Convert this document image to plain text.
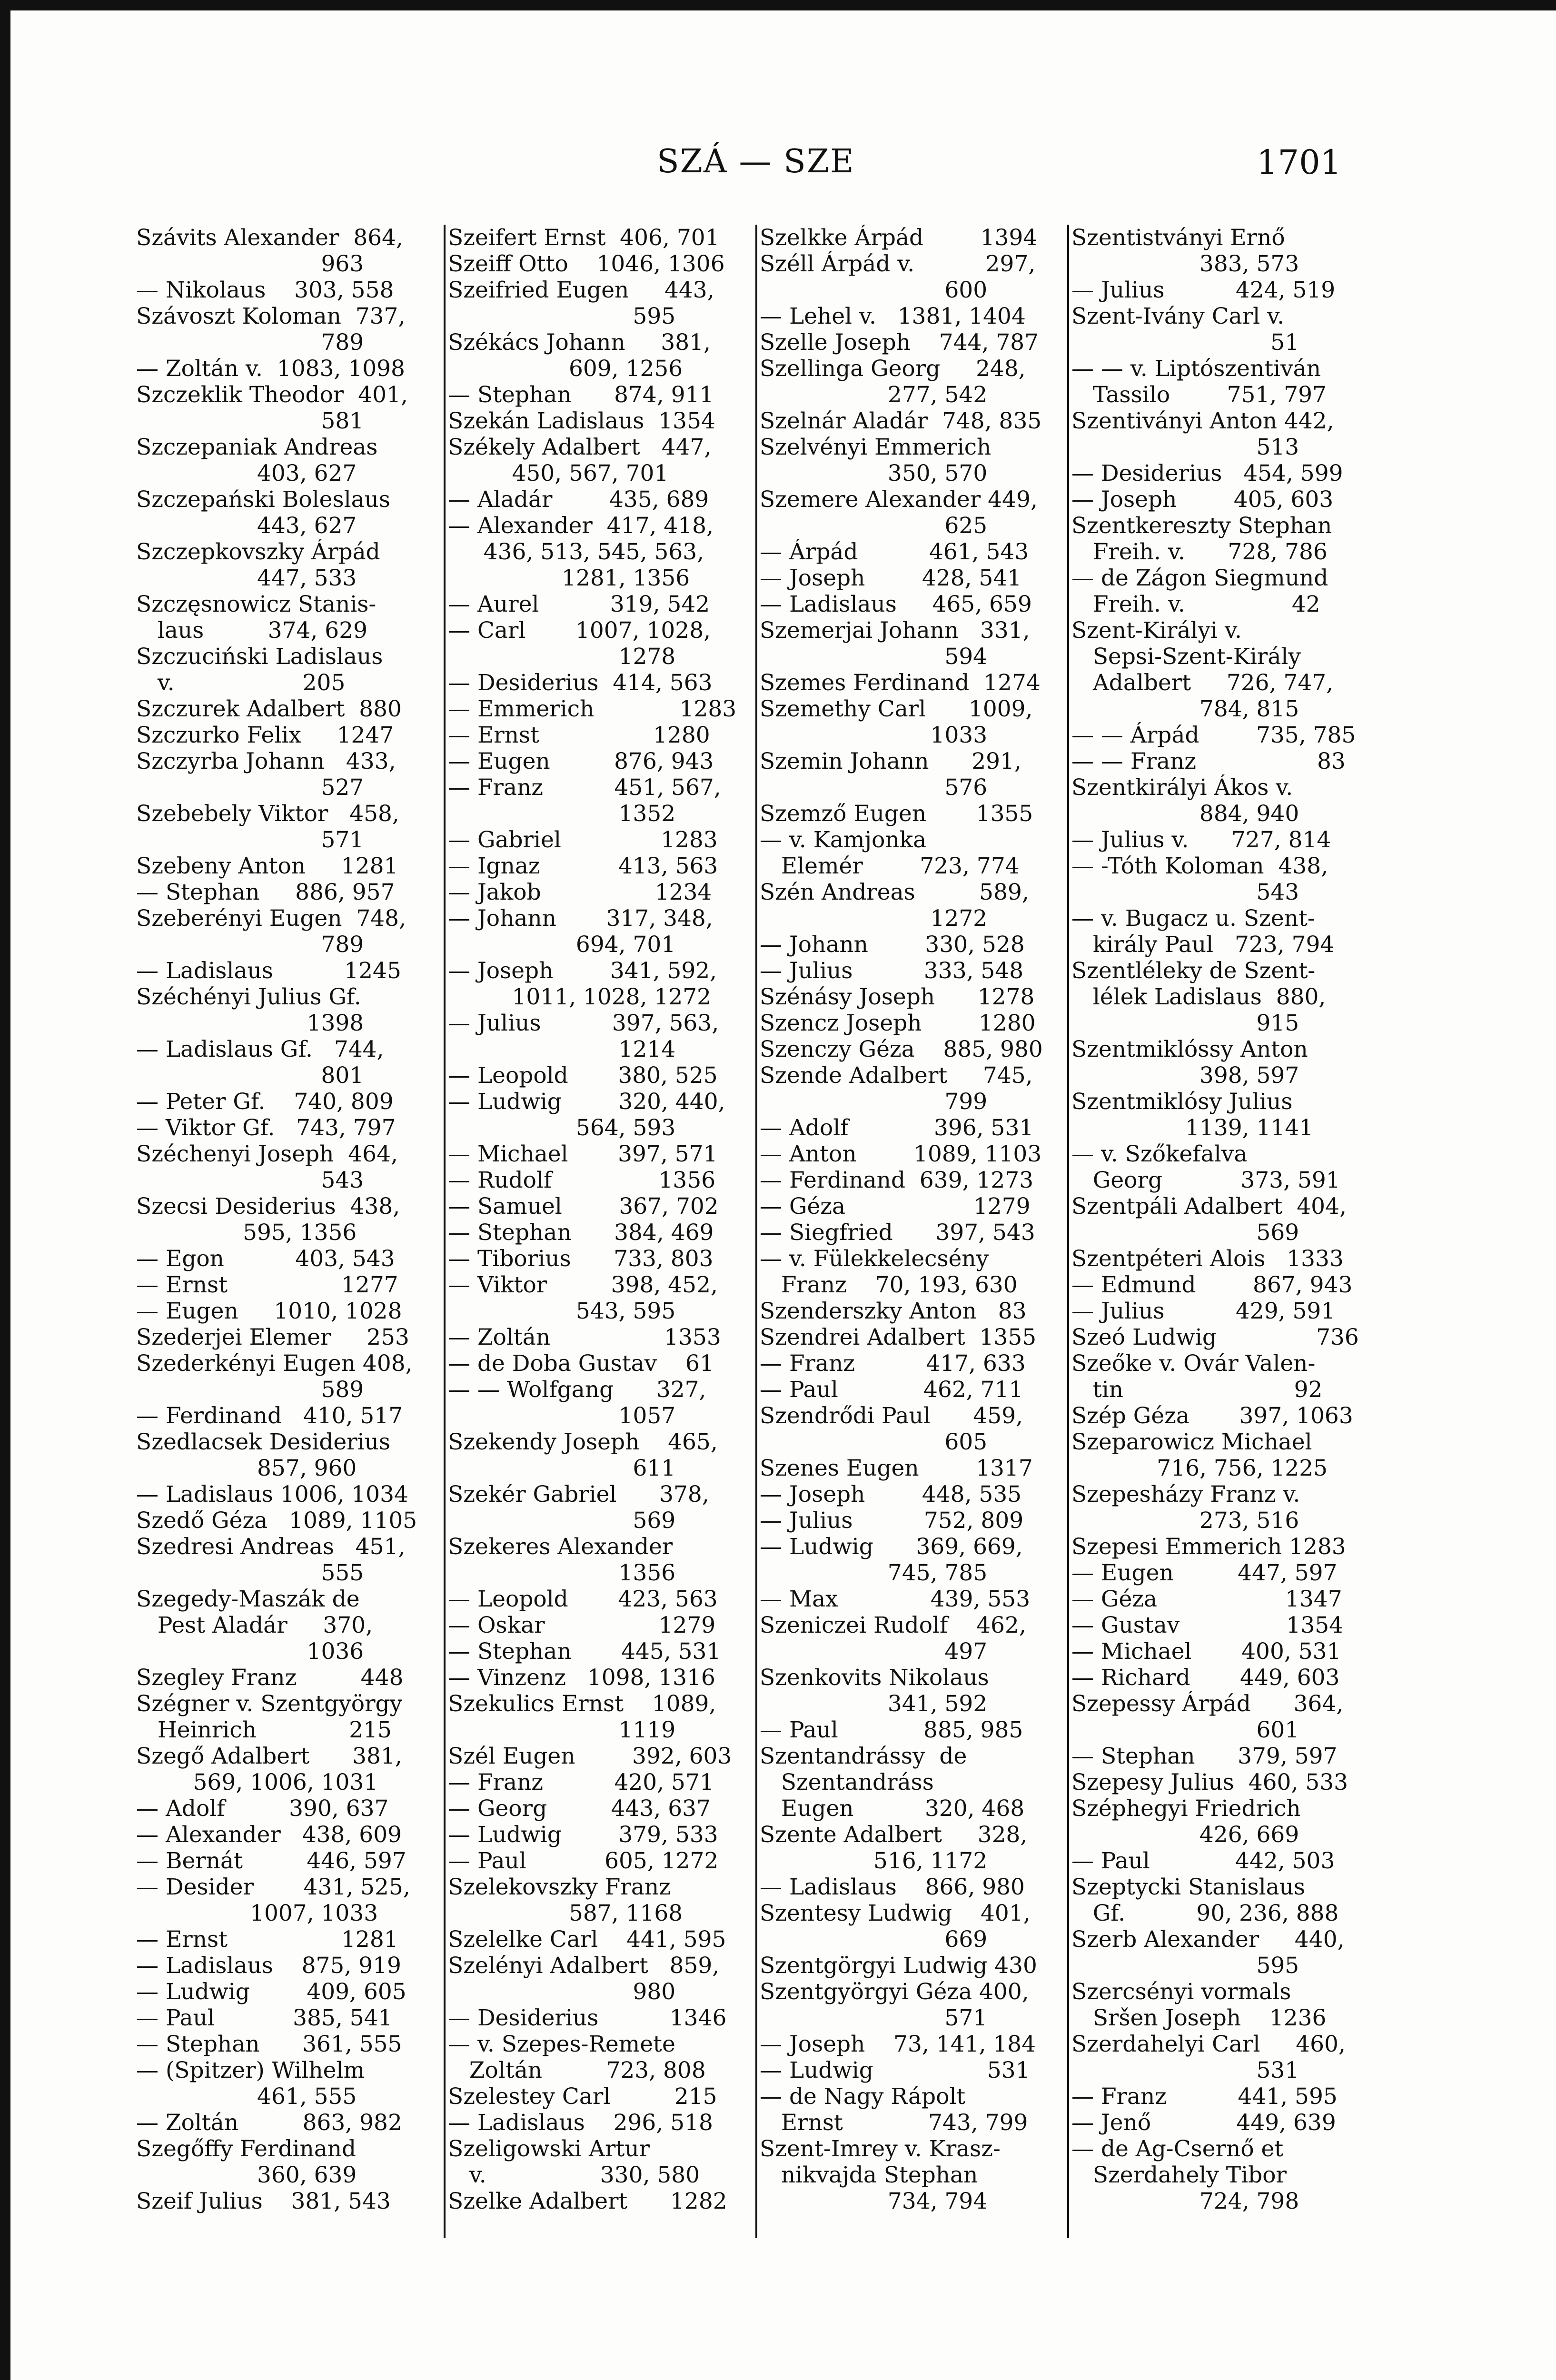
SZÁ — SZE	1701
Szávits Alexander  864,
963
— Nikolaus    303, 558
Szávoszt Koloman  737,
789
— Zoltán v.  1083, 1098
Szczeklik Theodor  401,
581
Szczepaniak Andreas
403, 627
Szczepański Boleslaus
443, 627
Szczepkovszky Árpád
447, 533
Szczęsnowicz Stanis-
laus         374, 629
Szczuciński Ladislaus
v.                  205
Szczurek Adalbert  880
Szczurko Felix     1247
Szczyrba Johann   433,
527
Szebebely Viktor   458,
571
Szebeny Anton     1281
— Stephan     886, 957
Szeberényi Eugen  748,
789
— Ladislaus          1245
Széchényi Julius Gf.
1398
— Ladislaus Gf.   744,
801
— Peter Gf.    740, 809
— Viktor Gf.   743, 797
Széchenyi Joseph  464,
543
Szecsi Desiderius  438,
595, 1356
— Egon          403, 543
— Ernst                1277
— Eugen     1010, 1028
Szederjei Elemer     253
Szederkényi Eugen 408,
589
— Ferdinand   410, 517
Szedlacsek Desiderius
857, 960
— Ladislaus 1006, 1034
Szedő Géza   1089, 1105
Szedresi Andreas   451,
555
Szegedy-Maszák de
Pest Aladár     370,
1036
Szegley Franz         448
Szégner v. Szentgyörgy
Heinrich             215
Szegő Adalbert      381,
569, 1006, 1031
— Adolf         390, 637
— Alexander   438, 609
— Bernát         446, 597
— Desider       431, 525,
1007, 1033
— Ernst                1281
— Ladislaus    875, 919
— Ludwig        409, 605
— Paul           385, 541
— Stephan      361, 555
— (Spitzer) Wilhelm
461, 555
— Zoltán         863, 982
Szegőffy Ferdinand
360, 639
Szeif Julius    381, 543
Szeifert Ernst  406, 701
Szeiff Otto    1046, 1306
Szeifried Eugen     443,
595
Székács Johann     381,
609, 1256
— Stephan      874, 911
Szekán Ladislaus  1354
Székely Adalbert   447,
450, 567, 701
— Aladár        435, 689
— Alexander  417, 418,
436, 513, 545, 563,
1281, 1356
— Aurel          319, 542
— Carl       1007, 1028,
1278
— Desiderius  414, 563
— Emmerich            1283
— Ernst                1280
— Eugen         876, 943
— Franz          451, 567,
1352
— Gabriel              1283
— Ignaz           413, 563
— Jakob                1234
— Johann       317, 348,
694, 701
— Joseph        341, 592,
1011, 1028, 1272
— Julius          397, 563,
1214
— Leopold       380, 525
— Ludwig        320, 440,
564, 593
— Michael       397, 571
— Rudolf               1356
— Samuel        367, 702
— Stephan      384, 469
— Tiborius      733, 803
— Viktor         398, 452,
543, 595
— Zoltán                1353
— de Doba Gustav    61
— — Wolfgang      327,
1057
Szekendy Joseph    465,
611
Szekér Gabriel      378,
569
Szekeres Alexander
1356
— Leopold       423, 563
— Oskar                1279
— Stephan       445, 531
— Vinzenz   1098, 1316
Szekulics Ernst    1089,
1119
Szél Eugen        392, 603
— Franz          420, 571
— Georg         443, 637
— Ludwig        379, 533
— Paul           605, 1272
Szelekovszky Franz
587, 1168
Szelelke Carl    441, 595
Szelényi Adalbert   859,
980
— Desiderius          1346
— v. Szepes-Remete
Zoltán         723, 808
Szelestey Carl         215
— Ladislaus    296, 518
Szeligowski Artur
v.                330, 580
Szelke Adalbert      1282
Szelkke Árpád        1394
Széll Árpád v.          297,
600
— Lehel v.   1381, 1404
Szelle Joseph    744, 787
Szellinga Georg     248,
277, 542
Szelnár Aladár  748, 835
Szelvényi Emmerich
350, 570
Szemere Alexander 449,
625
— Árpád          461, 543
— Joseph        428, 541
— Ladislaus     465, 659
Szemerjai Johann   331,
594
Szemes Ferdinand  1274
Szemethy Carl      1009,
1033
Szemin Johann      291,
576
Szemző Eugen       1355
— v. Kamjonka
Elemér        723, 774
Szén Andreas         589,
1272
— Johann        330, 528
— Julius          333, 548
Szénásy Joseph      1278
Szencz Joseph        1280
Szenczy Géza    885, 980
Szende Adalbert     745,
799
— Adolf            396, 531
— Anton        1089, 1103
— Ferdinand  639, 1273
— Géza                  1279
— Siegfried      397, 543
— v. Fülekkelecsény
Franz    70, 193, 630
Szenderszky Anton   83
Szendrei Adalbert  1355
— Franz          417, 633
— Paul            462, 711
Szendrődi Paul      459,
605
Szenes Eugen        1317
— Joseph        448, 535
— Julius          752, 809
— Ludwig      369, 669,
745, 785
— Max             439, 553
Szeniczei Rudolf    462,
497
Szenkovits Nikolaus
341, 592
— Paul            885, 985
Szentandrássy  de
Szentandráss
Eugen          320, 468
Szente Adalbert     328,
516, 1172
— Ladislaus    866, 980
Szentesy Ludwig    401,
669
Szentgörgyi Ludwig 430
Szentgyörgyi Géza 400,
571
— Joseph    73, 141, 184
— Ludwig                531
— de Nagy Rápolt
Ernst            743, 799
Szent-Imrey v. Krasz-
nikvajda Stephan
734, 794
Szentistványi Ernő
383, 573
— Julius          424, 519
Szent-Ivány Carl v.
51
— — v. Liptószentiván
Tassilo        751, 797
Szentiványi Anton 442,
513
— Desiderius   454, 599
— Joseph        405, 603
Szentkereszty Stephan
Freih. v.      728, 786
— de Zágon Siegmund
Freih. v.               42
Szent-Királyi v.
Sepsi-Szent-Király
Adalbert     726, 747,
784, 815
— — Árpád        735, 785
— — Franz                 83
Szentkirályi Ákos v.
884, 940
— Julius v.      727, 814
— -Tóth Koloman  438,
543
— v. Bugacz u. Szent-
király Paul   723, 794
Szentléleky de Szent-
lélek Ladislaus  880,
915
Szentmiklóssy Anton
398, 597
Szentmiklósy Julius
1139, 1141
— v. Szőkefalva
Georg           373, 591
Szentpáli Adalbert  404,
569
Szentpéteri Alois   1333
— Edmund        867, 943
— Julius          429, 591
Szeó Ludwig              736
Szeőke v. Ovár Valen-
tin                        92
Szép Géza       397, 1063
Szeparowicz Michael
716, 756, 1225
Szepesházy Franz v.
273, 516
Szepesi Emmerich 1283
— Eugen         447, 597
— Géza                  1347
— Gustav               1354
— Michael       400, 531
— Richard       449, 603
Szepessy Árpád      364,
601
— Stephan      379, 597
Szepesy Julius  460, 533
Széphegyi Friedrich
426, 669
— Paul            442, 503
Szeptycki Stanislaus
Gf.          90, 236, 888
Szerb Alexander     440,
595
Szercsényi vormals
Sršen Joseph    1236
Szerdahelyi Carl     460,
531
— Franz          441, 595
— Jenő            449, 639
— de Ag-Csernő et
Szerdahely Tibor
724, 798
